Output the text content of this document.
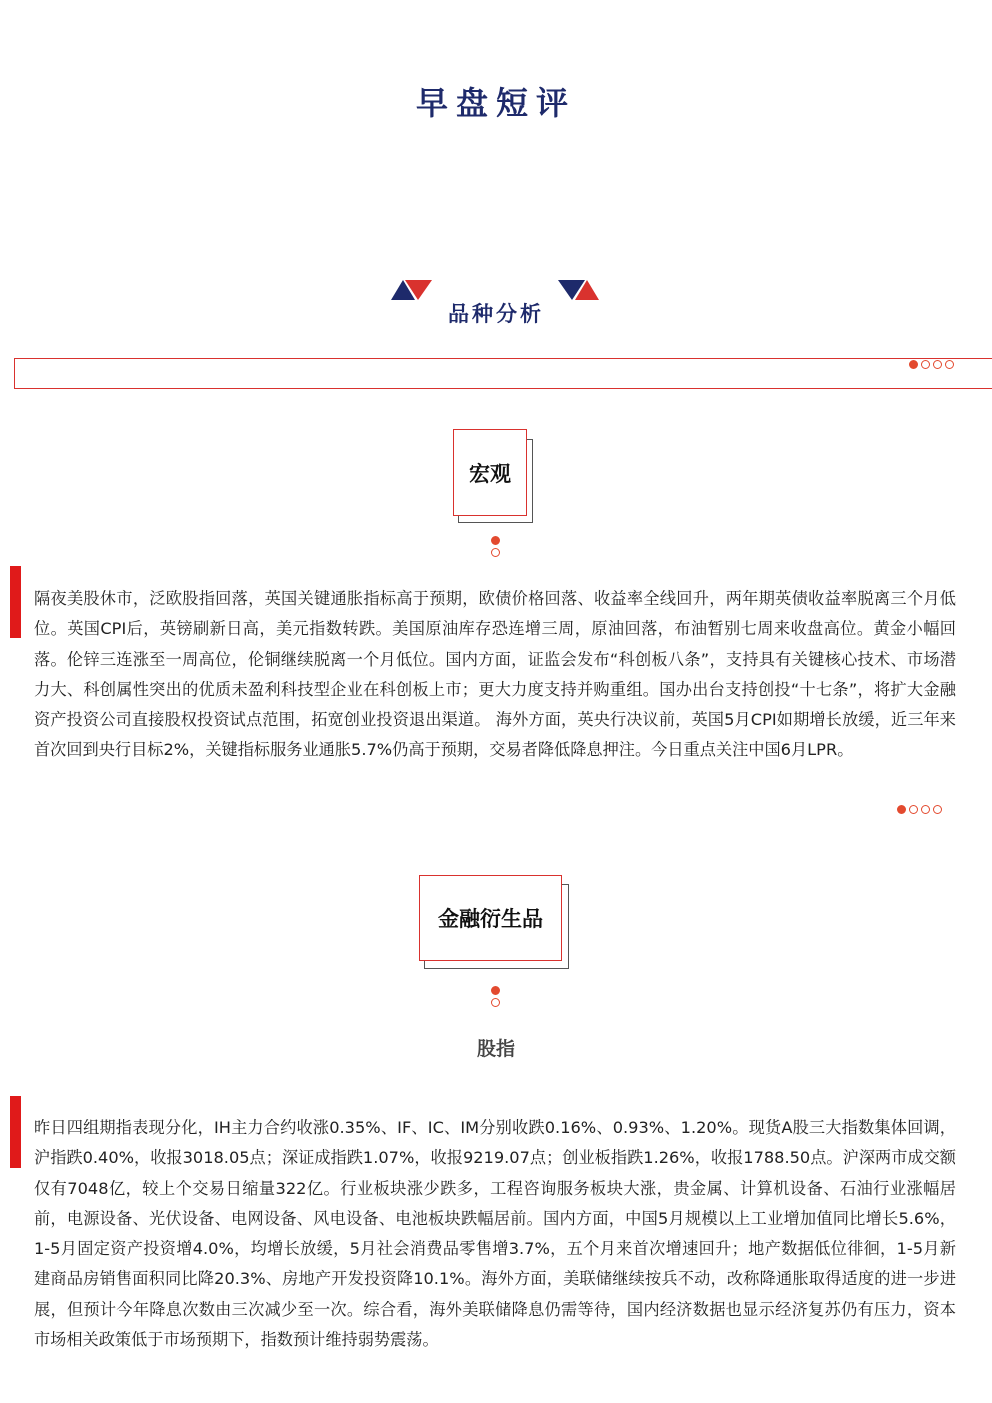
早盘短评
品种分析
宏观

隔夜美股休市，泛欧股指回落，英国关键通胀指标高于预期，欧债价格回落、收益率全线回升，两年期英债收益率脱离三个月低位。英国CPI后，英镑刷新日高，美元指数转跌。美国原油库存恐连增三周，原油回落，布油暂别七周来收盘高位。黄金小幅回落。伦锌三连涨至一周高位，伦铜继续脱离一个月低位。国内方面，证监会发布“科创板八条”，支持具有关键核心技术、市场潜力大、科创属性突出的优质未盈利科技型企业在科创板上市；更大力度支持并购重组。国办出台支持创投“十七条”，将扩大金融资产投资公司直接股权投资试点范围，拓宽创业投资退出渠道。 海外方面，英央行决议前，英国5月CPI如期增长放缓，近三年来首次回到央行目标2%，关键指标服务业通胀5.7%仍高于预期，交易者降低降息押注。今日重点关注中国6月LPR。

金融衍生品
股指

昨日四组期指表现分化，IH主力合约收涨0.35%、IF、IC、IM分别收跌0.16%、0.93%、1.20%。现货A股三大指数集体回调，沪指跌0.40%，收报3018.05点；深证成指跌1.07%，收报9219.07点；创业板指跌1.26%，收报1788.50点。沪深两市成交额仅有7048亿，较上个交易日缩量322亿。行业板块涨少跌多，工程咨询服务板块大涨，贵金属、计算机设备、石油行业涨幅居前，电源设备、光伏设备、电网设备、风电设备、电池板块跌幅居前。国内方面，中国5月规模以上工业增加值同比增长5.6%，1-5月固定资产投资增4.0%，均增长放缓，5月社会消费品零售增3.7%，五个月来首次增速回升；地产数据低位徘徊，1-5月新建商品房销售面积同比降20.3%、房地产开发投资降10.1%。海外方面，美联储继续按兵不动，改称降通胀取得适度的进一步进展，但预计今年降息次数由三次减少至一次。综合看，海外美联储降息仍需等待，国内经济数据也显示经济复苏仍有压力，资本市场相关政策低于市场预期下，指数预计维持弱势震荡。
